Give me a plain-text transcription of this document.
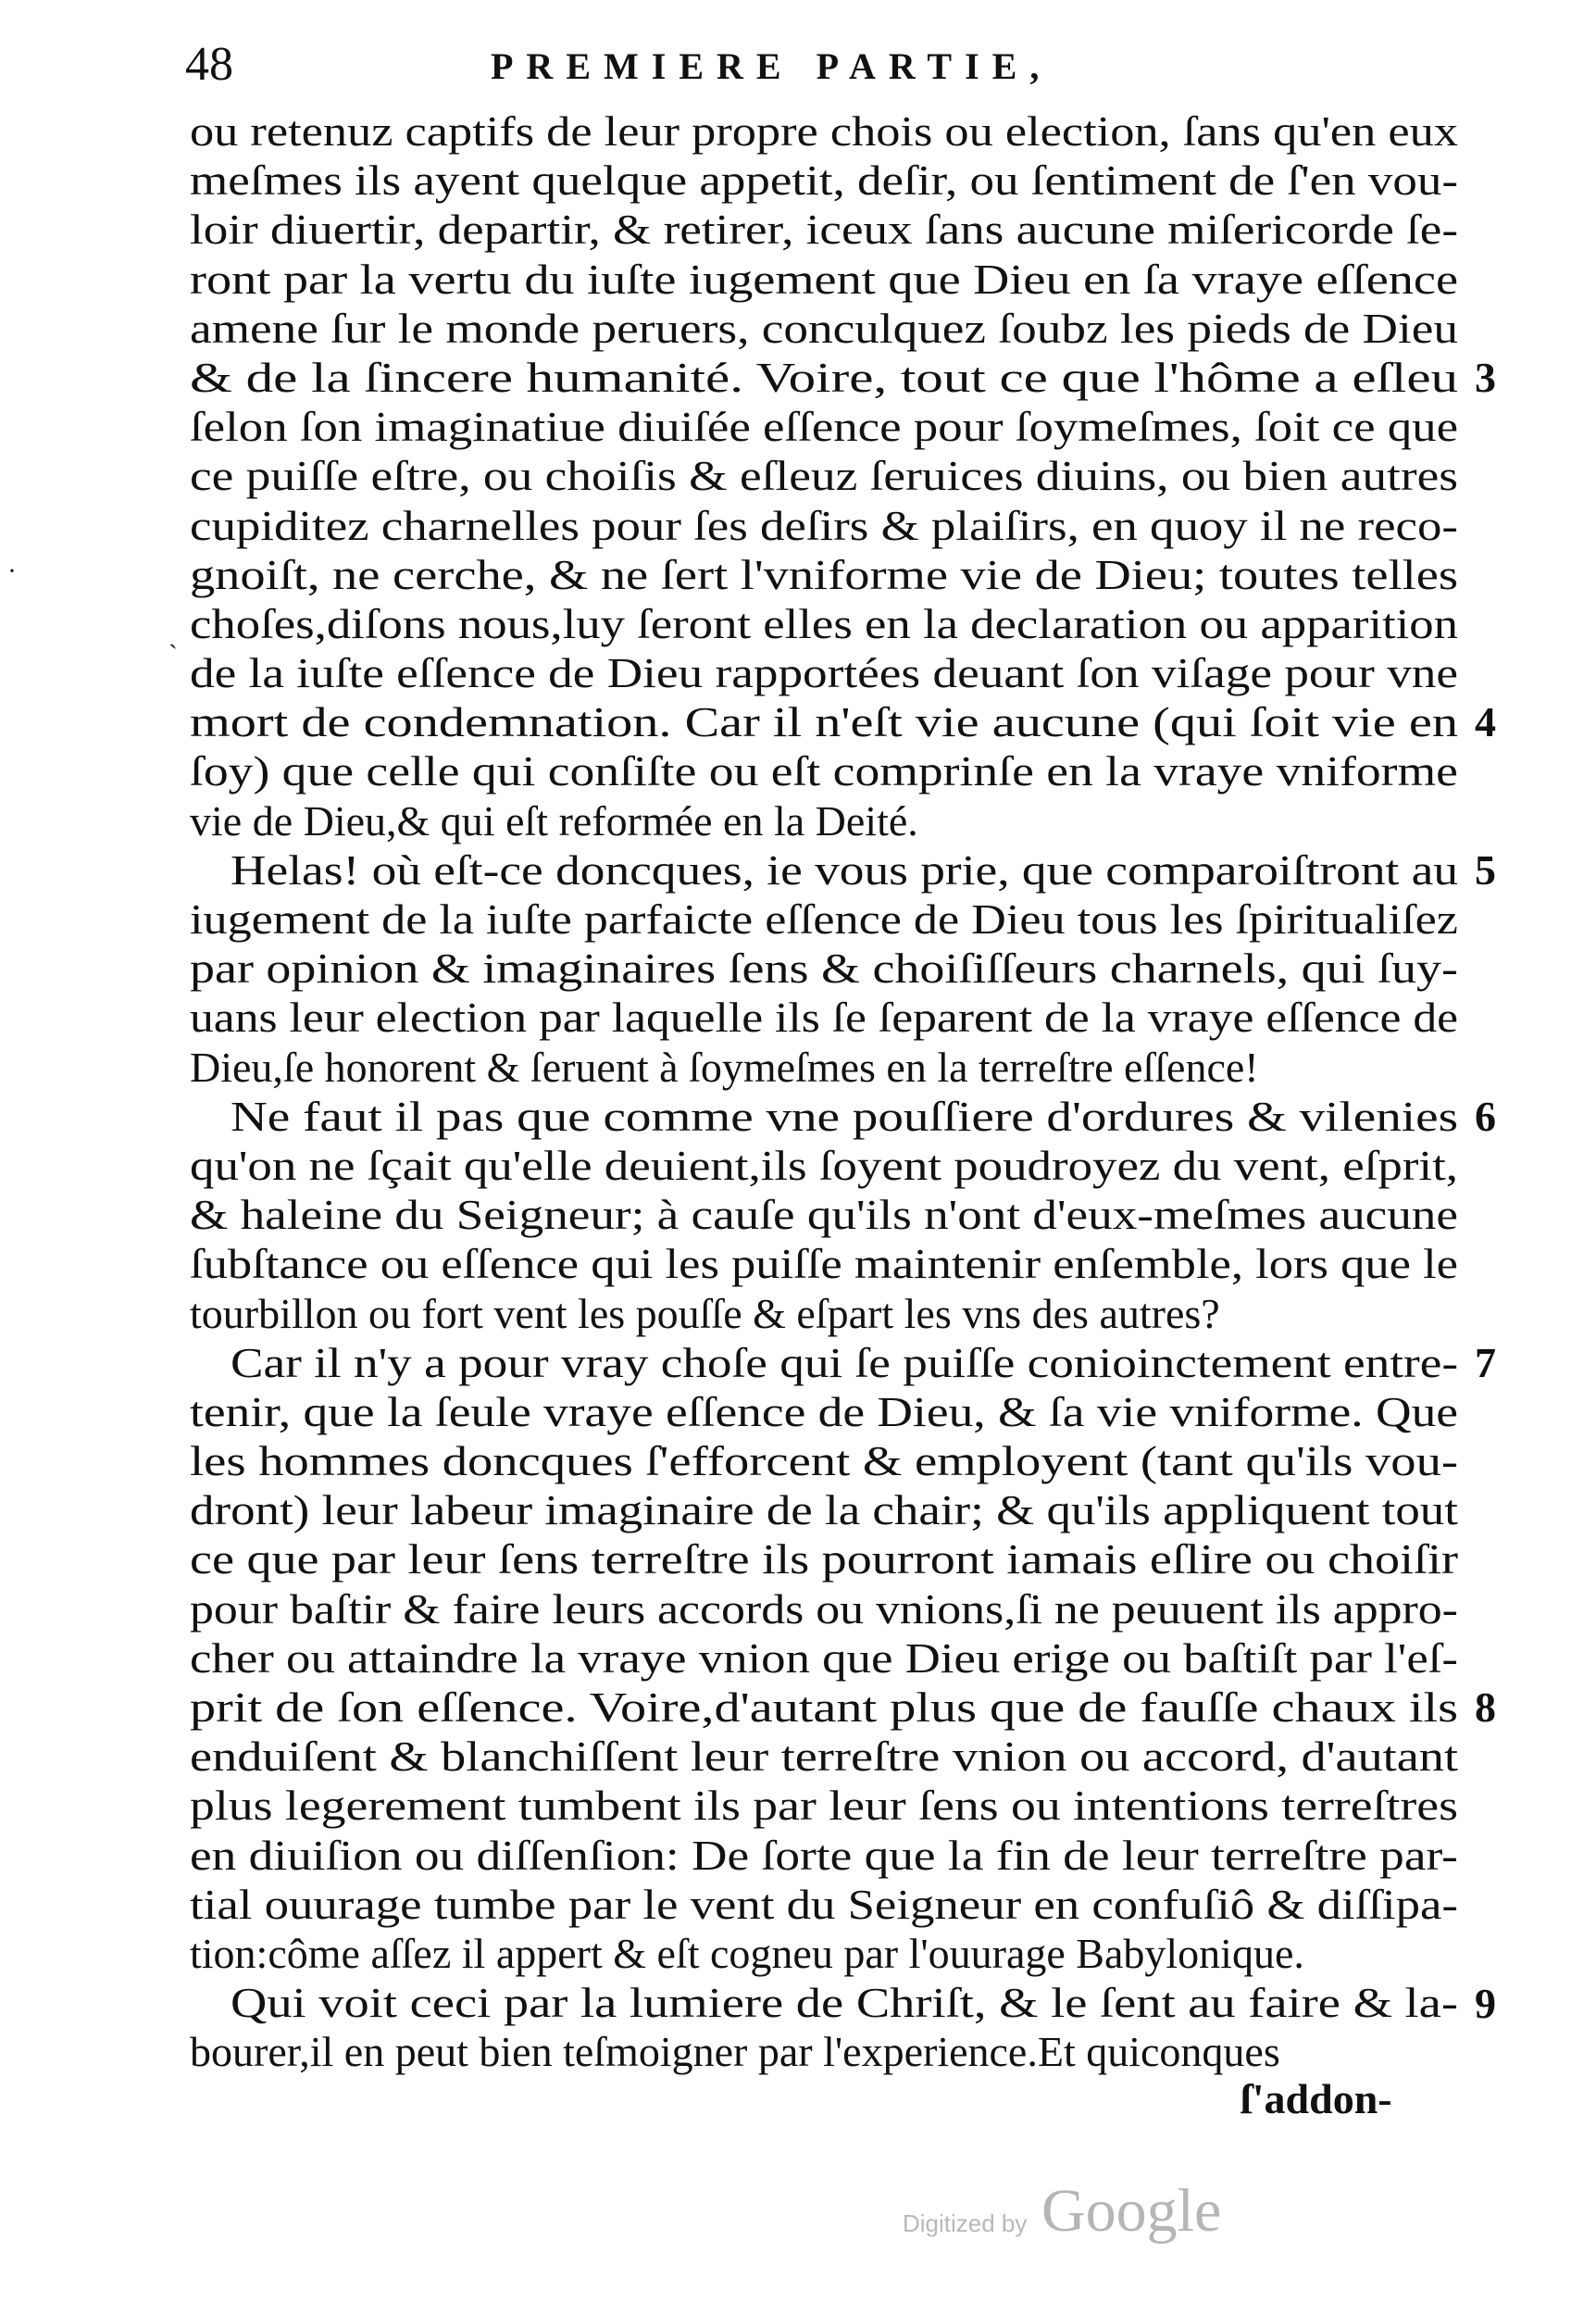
48	PREMIERE PARTIE,
ou retenuz captifs de leur propre chois ou election, ſans qu'en eux
meſmes ils ayent quelque appetit, deſir, ou ſentiment de ſ'en vou-
loir diuertir, departir, & retirer, iceux ſans aucune miſericorde ſe-
ront par la vertu du iuſte iugement que Dieu en ſa vraye eſſence
amene ſur le monde peruers, conculquez ſoubz les pieds de Dieu
& de la ſincere humanité. Voire, tout ce que l'hôme a eſleu
ſelon ſon imaginatiue diuiſée eſſence pour ſoymeſmes, ſoit ce que
ce puiſſe eſtre, ou choiſis & eſleuz ſeruices diuins, ou bien autres
cupiditez charnelles pour ſes deſirs & plaiſirs, en quoy il ne reco-
gnoiſt, ne cerche, & ne ſert l'vniforme vie de Dieu; toutes telles
choſes,diſons nous,luy ſeront elles en la declaration ou apparition
de la iuſte eſſence de Dieu rapportées deuant ſon viſage pour vne
mort de condemnation. Car il n'eſt vie aucune (qui ſoit vie en
ſoy) que celle qui conſiſte ou eſt comprinſe en la vraye vniforme
vie de Dieu,& qui eſt reformée en la Deité.
Helas! où eſt-ce doncques, ie vous prie, que comparoiſtront au
iugement de la iuſte parfaicte eſſence de Dieu tous les ſpiritualiſez
par opinion & imaginaires ſens & choiſiſſeurs charnels, qui ſuy-
uans leur election par laquelle ils ſe ſeparent de la vraye eſſence de
Dieu,ſe honorent & ſeruent à ſoymeſmes en la terreſtre eſſence!
Ne faut il pas que comme vne pouſſiere d'ordures & vilenies
qu'on ne ſçait qu'elle deuient,ils ſoyent poudroyez du vent, eſprit,
& haleine du Seigneur; à cauſe qu'ils n'ont d'eux-meſmes aucune
ſubſtance ou eſſence qui les puiſſe maintenir enſemble, lors que le
tourbillon ou fort vent les pouſſe & eſpart les vns des autres?
Car il n'y a pour vray choſe qui ſe puiſſe conioinctement entre-
tenir, que la ſeule vraye eſſence de Dieu, & ſa vie vniforme. Que
les hommes doncques ſ'efforcent & employent (tant qu'ils vou-
dront) leur labeur imaginaire de la chair; & qu'ils appliquent tout
ce que par leur ſens terreſtre ils pourront iamais eſlire ou choiſir
pour baſtir & faire leurs accords ou vnions,ſi ne peuuent ils appro-
cher ou attaindre la vraye vnion que Dieu erige ou baſtiſt par l'eſ-
prit de ſon eſſence. Voire,d'autant plus que de fauſſe chaux ils
enduiſent & blanchiſſent leur terreſtre vnion ou accord, d'autant
plus legerement tumbent ils par leur ſens ou intentions terreſtres
en diuiſion ou diſſenſion: De ſorte que la fin de leur terreſtre par-
tial ouurage tumbe par le vent du Seigneur en confuſiô & diſſipa-
tion:côme aſſez il appert & eſt cogneu par l'ouurage Babylonique.
Qui voit ceci par la lumiere de Chriſt, & le ſent au faire & la-
bourer,il en peut bien teſmoigner par l'experience.Et quiconques
3
4
5
6
7
8
9
ſ'addon-
·
ˎ
Digitized by Google
